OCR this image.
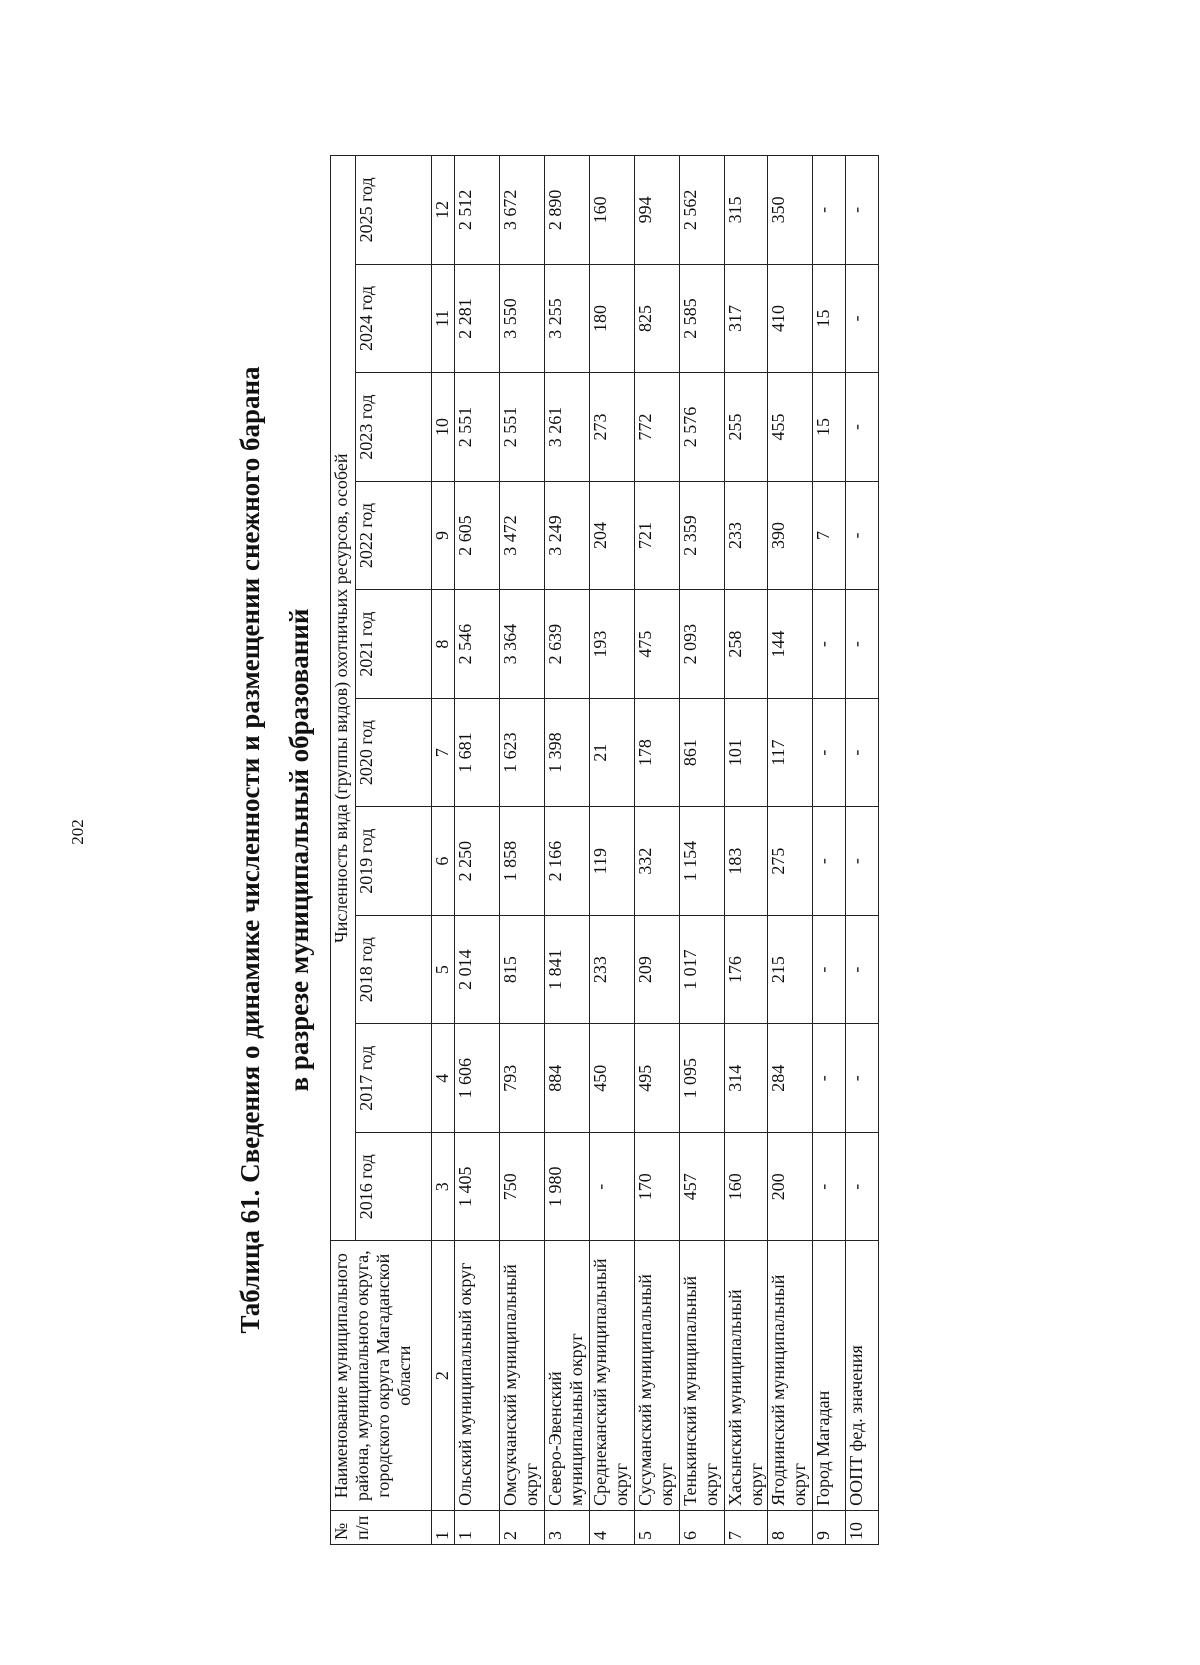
202	Таблица 61. Сведения о динамике численности и размещении снежного барана в разрезе муниципальный образований
№ п/п	Наименование муниципального района, муниципального округа, городского округа Магаданской области	Численность вида (группы видов) охотничьих ресурсов, особей									
		2016 год	2017 год	2018 год	2019 год	2020 год	2021 год	2022 год	2023 год	2024 год	2025 год
1	2	3	4	5	6	7	8	9	10	11	12
1	Ольский муниципальный округ	1 405	1 606	2 014	2 250	1 681	2 546	2 605	2 551	2 281	2 512
2	Омсукчанский муниципальный округ	750	793	815	1 858	1 623	3 364	3 472	2 551	3 550	3 672
3	Северо-Эвенский муниципальный округ	1 980	884	1 841	2 166	1 398	2 639	3 249	3 261	3 255	2 890
4	Среднеканский муниципальный округ	-	450	233	119	21	193	204	273	180	160
5	Сусуманский муниципальный округ	170	495	209	332	178	475	721	772	825	994
6	Тенькинский муниципальный округ	457	1 095	1 017	1 154	861	2 093	2 359	2 576	2 585	2 562
7	Хасынский муниципальный округ	160	314	176	183	101	258	233	255	317	315
8	Ягоднинский муниципальный округ	200	284	215	275	117	144	390	455	410	350
9	Город Магадан	-	-	-	-	-	-	7	15	15	-
10	ООПТ фед. значения	-	-	-	-	-	-	-	-	-	-
